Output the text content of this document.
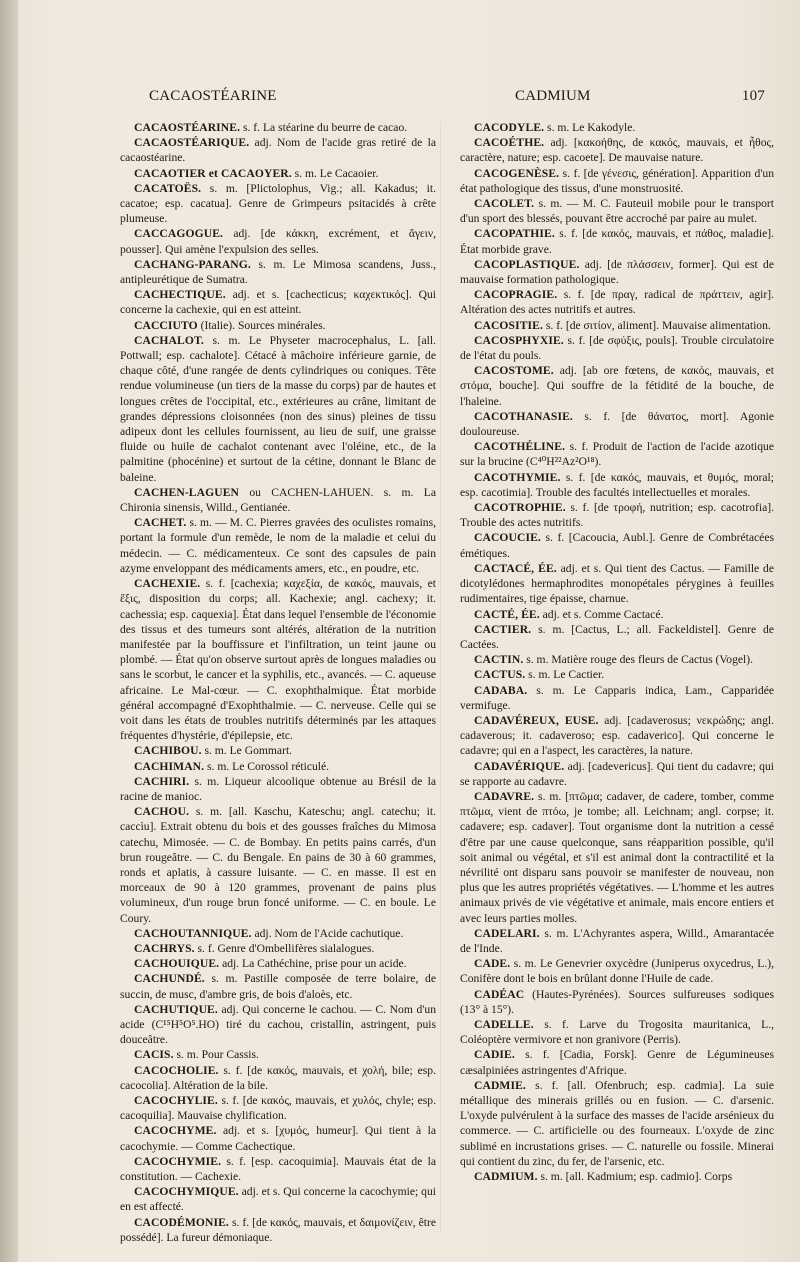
CACAOSTÉARINE	CADMIUM	107

CACAOSTÉARINE. s. f. La stéarine du beurre de cacao.

CACAOSTÉARIQUE. adj. Nom de l'acide gras retiré de la cacaostéarine.

CACAOTIER et CACAOYER. s. m. Le Cacaoier.

CACATOËS. s. m. [Plictolophus, Vig.; all. Kakadus; it. cacatoe; esp. cacatua]. Genre de Grimpeurs psitacidés à crête plumeuse.

CACCAGOGUE. adj. [de κάκκη, excrément, et ἄγειν, pousser]. Qui amène l'expulsion des selles.

CACHANG-PARANG. s. m. Le Mimosa scandens, Juss., antipleurétique de Sumatra.

CACHECTIQUE. adj. et s. [cachecticus; καχεκτικός]. Qui concerne la cachexie, qui en est atteint.

CACCIUTO (Italie). Sources minérales.

CACHALOT. s. m. Le Physeter macrocephalus, L. [all. Pottwall; esp. cachalote]. Cétacé à mâchoire inférieure garnie, de chaque côté, d'une rangée de dents cylindriques ou coniques. Tête rendue volumineuse (un tiers de la masse du corps) par de hautes et longues crêtes de l'occipital, etc., extérieures au crâne, limitant de grandes dépressions cloisonnées (non des sinus) pleines de tissu adipeux dont les cellules fournissent, au lieu de suif, une graisse fluide ou huile de cachalot contenant avec l'oléine, etc., de la palmitine (phocénine) et surtout de la cétine, donnant le Blanc de baleine.

CACHEN-LAGUEN ou CACHEN-LAHUEN. s. m. La Chironia sinensis, Willd., Gentianée.

CACHET. s. m. — M. C. Pierres gravées des oculistes romains, portant la formule d'un remède, le nom de la maladie et celui du médecin. — C. médicamenteux. Ce sont des capsules de pain azyme enveloppant des médicaments amers, etc., en poudre, etc.

CACHEXIE. s. f. [cachexia; καχεξία, de κακός, mauvais, et ἕξις, disposition du corps; all. Kachexie; angl. cachexy; it. cachessia; esp. caquexia]. État dans lequel l'ensemble de l'économie des tissus et des tumeurs sont altérés, altération de la nutrition manifestée par la bouffissure et l'infiltration, un teint jaune ou plombé. — État qu'on observe surtout après de longues maladies ou sans le scorbut, le cancer et la syphilis, etc., avancés. — C. aqueuse africaine. Le Mal-cœur. — C. exophthalmique. État morbide général accompagné d'Exophthalmie. — C. nerveuse. Celle qui se voit dans les états de troubles nutritifs déterminés par les attaques fréquentes d'hystérie, d'épilepsie, etc.

CACHIBOU. s. m. Le Gommart.

CACHIMAN. s. m. Le Corossol réticulé.

CACHIRI. s. m. Liqueur alcoolique obtenue au Brésil de la racine de manioc.

CACHOU. s. m. [all. Kaschu, Kateschu; angl. catechu; it. caccìu]. Extrait obtenu du bois et des gousses fraîches du Mimosa catechu, Mimosée. — C. de Bombay. En petits pains carrés, d'un brun rougeâtre. — C. du Bengale. En pains de 30 à 60 grammes, ronds et aplatis, à cassure luisante. — C. en masse. Il est en morceaux de 90 à 120 grammes, provenant de pains plus volumineux, d'un rouge brun foncé uniforme. — C. en boule. Le Coury.

CACHOUTANNIQUE. adj. Nom de l'Acide cachutique.

CACHRYS. s. f. Genre d'Ombellifères sialalogues.

CACHOUIQUE. adj. La Cathéchine, prise pour un acide.

CACHUNDÉ. s. m. Pastille composée de terre bolaire, de succin, de musc, d'ambre gris, de bois d'aloès, etc.

CACHUTIQUE. adj. Qui concerne le cachou. — C. Nom d'un acide (C¹⁵H⁵O⁵.HO) tiré du cachou, cristallin, astringent, puis douceâtre.

CACIS. s. m. Pour Cassis.

CACOCHOLIE. s. f. [de κακός, mauvais, et χολή, bile; esp. cacocolia]. Altération de la bile.

CACOCHYLIE. s. f. [de κακός, mauvais, et χυλός, chyle; esp. cacoquilia]. Mauvaise chylification.

CACOCHYME. adj. et s. [χυμός, humeur]. Qui tient à la cacochymie. — Comme Cachectique.

CACOCHYMIE. s. f. [esp. cacoquimia]. Mauvais état de la constitution. — Cachexie.

CACOCHYMIQUE. adj. et s. Qui concerne la cacochymie; qui en est affecté.

CACODÉMONIE. s. f. [de κακός, mauvais, et δαιμονίζειν, être possédé]. La fureur démoniaque.

CACODYLE. s. m. Le Kakodyle.

CACOÉTHE. adj. [κακοήθης, de κακός, mauvais, et ἦθος, caractère, nature; esp. cacoete]. De mauvaise nature.

CACOGENÈSE. s. f. [de γένεσις, génération]. Apparition d'un état pathologique des tissus, d'une monstruosité.

CACOLET. s. m. — M. C. Fauteuil mobile pour le transport d'un sport des blessés, pouvant être accroché par paire au mulet.

CACOPATHIE. s. f. [de κακός, mauvais, et πάθος, maladie]. État morbide grave.

CACOPLASTIQUE. adj. [de πλάσσειν, former]. Qui est de mauvaise formation pathologique.

CACOPRAGIE. s. f. [de πραγ, radical de πράττειν, agir]. Altération des actes nutritifs et autres.

CACOSITIE. s. f. [de σιτίον, aliment]. Mauvaise alimentation.

CACOSPHYXIE. s. f. [de σφύξις, pouls]. Trouble circulatoire de l'état du pouls.

CACOSTOME. adj. [ab ore fœtens, de κακός, mauvais, et στόμα, bouche]. Qui souffre de la fétidité de la bouche, de l'haleine.

CACOTHANASIE. s. f. [de θάνατος, mort]. Agonie douloureuse.

CACOTHÉLINE. s. f. Produit de l'action de l'acide azotique sur la brucine (C⁴⁰H²²Az²O¹⁸).

CACOTHYMIE. s. f. [de κακός, mauvais, et θυμός, moral; esp. cacotimia]. Trouble des facultés intellectuelles et morales.

CACOTROPHIE. s. f. [de τροφή, nutrition; esp. cacotrofia]. Trouble des actes nutritifs.

CACOUCIE. s. f. [Cacoucia, Aubl.]. Genre de Combrétacées émétiques.

CACTACÉ, ÉE. adj. et s. Qui tient des Cactus. — Famille de dicotylédones hermaphrodites monopétales pérygines à feuilles rudimentaires, tige épaisse, charnue.

CACTÉ, ÉE. adj. et s. Comme Cactacé.

CACTIER. s. m. [Cactus, L.; all. Fackeldistel]. Genre de Cactées.

CACTIN. s. m. Matière rouge des fleurs de Cactus (Vogel).

CACTUS. s. m. Le Cactier.

CADABA. s. m. Le Capparis indica, Lam., Capparidée vermifuge.

CADAVÉREUX, EUSE. adj. [cadaverosus; νεκρώδης; angl. cadaverous; it. cadaveroso; esp. cadaverico]. Qui concerne le cadavre; qui en a l'aspect, les caractères, la nature.

CADAVÉRIQUE. adj. [cadevericus]. Qui tient du cadavre; qui se rapporte au cadavre.

CADAVRE. s. m. [πτῶμα; cadaver, de cadere, tomber, comme πτῶμα, vient de πτόω, je tombe; all. Leichnam; angl. corpse; it. cadavere; esp. cadaver]. Tout organisme dont la nutrition a cessé d'être par une cause quelconque, sans réapparition possible, qu'il soit animal ou végétal, et s'il est animal dont la contractilité et la névrilité ont disparu sans pouvoir se manifester de nouveau, non plus que les autres propriétés végétatives. — L'homme et les autres animaux privés de vie végétative et animale, mais encore entiers et avec leurs parties molles.

CADELARI. s. m. L'Achyrantes aspera, Willd., Amarantacée de l'Inde.

CADE. s. m. Le Genevrier oxycèdre (Juniperus oxycedrus, L.), Conifère dont le bois en brûlant donne l'Huile de cade.

CADÉAC (Hautes-Pyrénées). Sources sulfureuses sodiques (13° à 15°).

CADELLE. s. f. Larve du Trogosita mauritanica, L., Coléoptère vermivore et non granivore (Perris).

CADIE. s. f. [Cadia, Forsk]. Genre de Légumineuses cæsalpiniées astringentes d'Afrique.

CADMIE. s. f. [all. Ofenbruch; esp. cadmia]. La suie métallique des minerais grillés ou en fusion. — C. d'arsenic. L'oxyde pulvérulent à la surface des masses de l'acide arsénieux du commerce. — C. artificielle ou des fourneaux. L'oxyde de zinc sublimé en incrustations grises. — C. naturelle ou fossile. Minerai qui contient du zinc, du fer, de l'arsenic, etc.

CADMIUM. s. m. [all. Kadmium; esp. cadmio]. Corps
